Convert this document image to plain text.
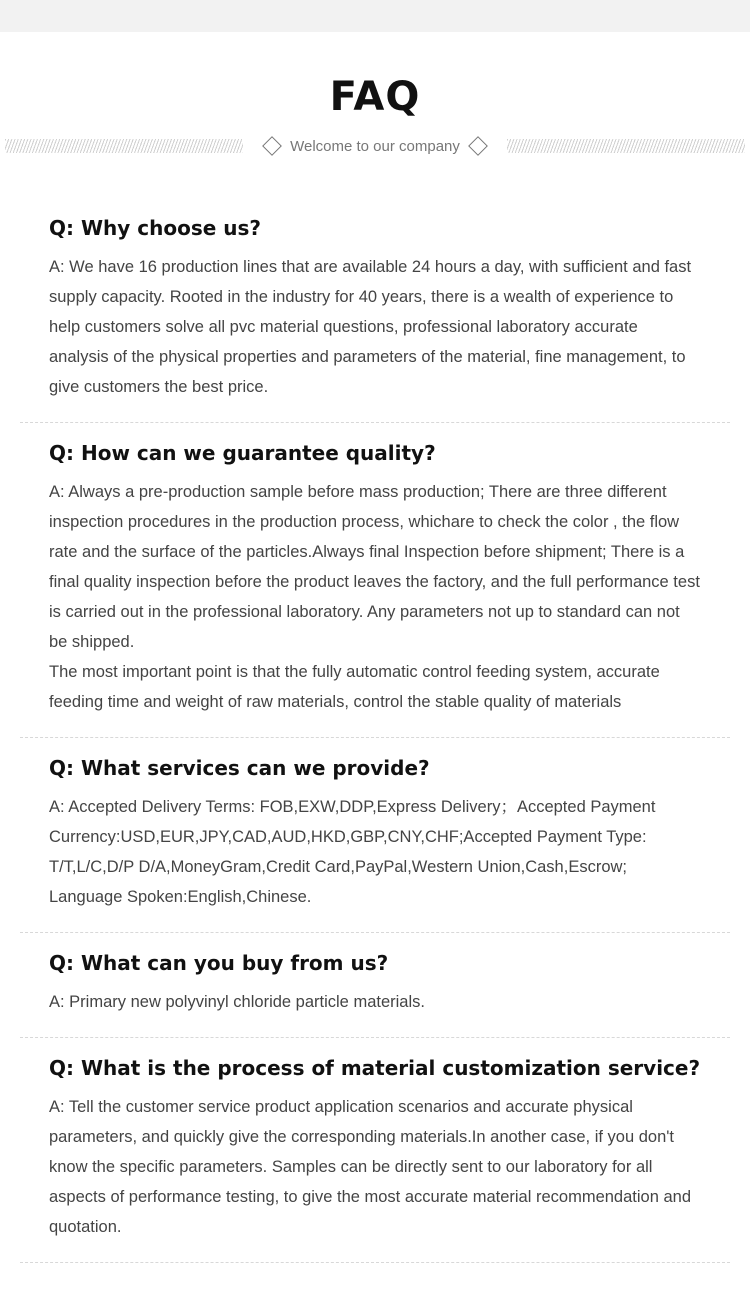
FAQ
Welcome to our company
Q: Why choose us?

A: We have 16 production lines that are available 24 hours a day, with sufficient and fast supply capacity. Rooted in the industry for 40 years, there is a wealth of experience to help customers solve all pvc material questions, professional laboratory accurate analysis of the physical properties and parameters of the material, fine management, to give customers the best price.

Q: How can we guarantee quality?

A: Always a pre-production sample before mass production; There are three different inspection procedures in the production process, whichare to check the color , the flow rate and the surface of the particles.Always final Inspection before shipment; There is a final quality inspection before the product leaves the factory, and the full performance test is carried out in the professional laboratory. Any parameters not up to standard can not be shipped.
The most important point is that the fully automatic control feeding system, accurate feeding time and weight of raw materials, control the stable quality of materials

Q: What services can we provide?

A: Accepted Delivery Terms: FOB,EXW,DDP,Express Delivery；Accepted Payment Currency:USD,EUR,JPY,CAD,AUD,HKD,GBP,CNY,CHF;Accepted Payment Type: T/T,L/C,D/P D/A,MoneyGram,Credit Card,PayPal,Western Union,Cash,Escrow; Language Spoken:English,Chinese.

Q: What can you buy from us?

A: Primary new polyvinyl chloride particle materials.

Q: What is the process of material customization service?

A: Tell the customer service product application scenarios and accurate physical parameters, and quickly give the corresponding materials.In another case, if you don't know the specific parameters. Samples can be directly sent to our laboratory for all aspects of performance testing, to give the most accurate material recommendation and quotation.
